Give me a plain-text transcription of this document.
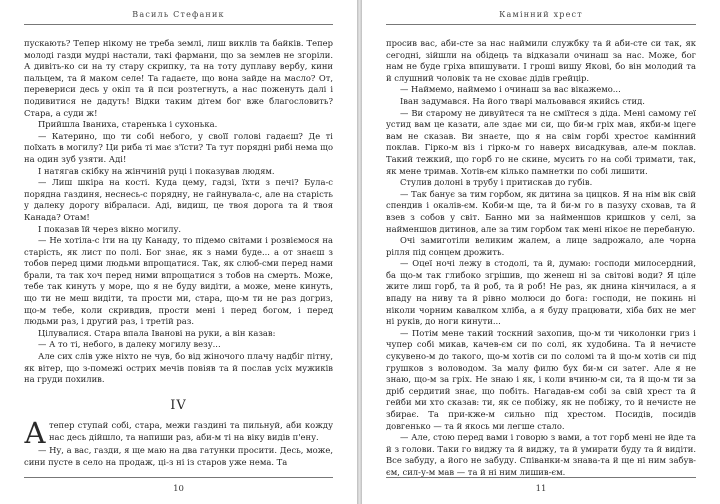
Василь Стефаник

пускають? Тепер нікому не треба землі, лиш виклів та байків. Тепер молоді газди мудрі настали, такі фармани, що за землев не згоріли. А дивіть-ко си на ту стару скрипку, та на тоту дуплаву вербу, кини пальцем, та й маком селе! Та гадаєте, що вона зайде на масло? От, перевериси десь у окіп та й пси розтегнуть, а нас поженуть далі і подивитися не дадуть! Відки таким дітем бог вже благословить? Стара, а суди ж!

Прийшла Іваниха, старенька і сухонька.

— Катерино, що ти собі небого, у своїї голові гадаєш? Де ті поїхать в могилу? Ци риба ті має з'їсти? Та тут порядні рибі нема що на один зуб узяти. Аді!

І натягав скібку на жінчиній руці і показував людям.

— Лиш шкіра на кості. Куда цему, гадзі, їхти з печі? Була-с порядна газдиня, неснесь-с порядну, не гайнувала-с, але на старість у далеку дорогу вібралаcи. Аді, видиш, це твоя дорога та й твоя Канада? Отам!

І показав їй через вікно могилу.

— Не хотіла-с іти на цу Канаду, то підемо світами і розвіємося на старість, як лист по полі. Бог знає, як з нами буде... а от знаєш з тобов перед цими людьми впрощатися. Так, як слюб-сми перед нами брали, та так хоч перед ними впрощатися з тобов на смерть. Може, тебе так кинуть у море, що я не буду видіти, а може, мене кинуть, що ти не меш видіти, та прости ми, стара, що-м ти не раз догриз, що-м тебе, коли скривдив, прости мені і перед богом, і перед людьми раз, і другий раз, і третій раз.

Цілувалися. Стара впала Іванові на руки, а він казав:

— А то ті, небого, в далеку могилу везу...

Але сих слів уже ніхто не чув, бо від жіночого плачу надбіг пітну, як вітер, що з-помежі остриx мечів повіяв та й послав усіх мужиків на груди похилив.

IV
А тепер ступай собі, стара, межи газдині та пильнуй, аби кожду нас десь дійшло, та напиши раз, аби-м ті на віку видів п'ену.

— Ну, а вас, газди, я ще маю на два гатунки просити. Десь, може, сини пусте в село на продаж, ці-з ні із старов уже нема. Та

10
Камінний хрест

просив вас, аби-сте за нас наймили службку та й аби-сте си так, як сегодні, зійшли на обідець та відказали очинаш за нас. Може, бог нам не буде гріха впишувати. І гроші вишу Якові, бо він молодий та й слушний чоловік та не сховає дідів грейцір.

— Наймемо, наймемо і очинаш за вас вікажемо...

Іван задумався. На його тварі мальовався якийсь стид.

— Ви старому не дивуйтеся та не сміїтеся з діда. Мені самому геї устид вам це казати, але здає ми си, що би-м гріх мав, якби-м іцеге вам не сказав. Ви знаєте, що я на свім горбі хрестоє камінний поклав. Гірко-м віз і гірко-м го наверх висадкував, але-м поклав. Такий тежкий, що горб го не скине, мусить го на собі тримати, так, як мене тримав. Хотів-єм кілько памнетки по собі лишити.

Стулив долоні в трубу і притискав до губів.

— Так банує за тим горбом, як дитина за цицков. Я на нім вік свій спендив і окалів-єм. Коби-м ще, та й би-м го в пазуху сховав, та й взев з собов у світ. Банно ми за найменшов кришков у селі, за найменшов дитинов, але за тим горбом так мені нікоє не перебаную.

Очі замиготіли великим жалем, а лице задрожало, але чорна рілля під сонцем дрожить.

— Оцеї ночі лежу в стодолі, та й, думаю: господи милосердний, ба що-м так глибоко згрішив, що женеш ні за світові води? Я ціле жите лиш горб, та й роб, та й роб! Не раз, як днина кінчилася, а я впаду на ниву та й рівно молюси до бога: господи, не покинь ні ніколи чорним кавалком хліба, а я буду працювати, хіба бих не мег ні руків, до ноги кинути...

— Потім мене такий тоскний захопив, що-м ти чиколонки гриз і чупер собі микав, качев-єм си по солі, як худобина. Та й нечисте сукувено-м до такого, що-м хотів си по соломі та й що-м хотів си під грушков з воловодом. За малу филю бух би-м си затег. Але я не знаю, що-м за гріх. Не знаю і як, і коли вчиню-м си, та й що-м ти за дріб сердитий знає, що побіть. Нагадав-єм собі за свій хрест та й гейби ми хто сказав: ти, як се побіжу, як не побіжу, то й нечисте не збирає. Та при-кже-м сильно під хрестом. Посидів, посидів довгенько — та й якось ми легше стало.

— Але, стою перед вами і говорю з вами, а тот горб мені не йде та й з голови. Таки го виджу та й виджу, та й умирати буду та й видіти. Все забуду, а його не забуду. Співанки-м знава-та й ще ні ним забув-єм, сил-у-м мав — та й ні ним лишив-єм.

11
